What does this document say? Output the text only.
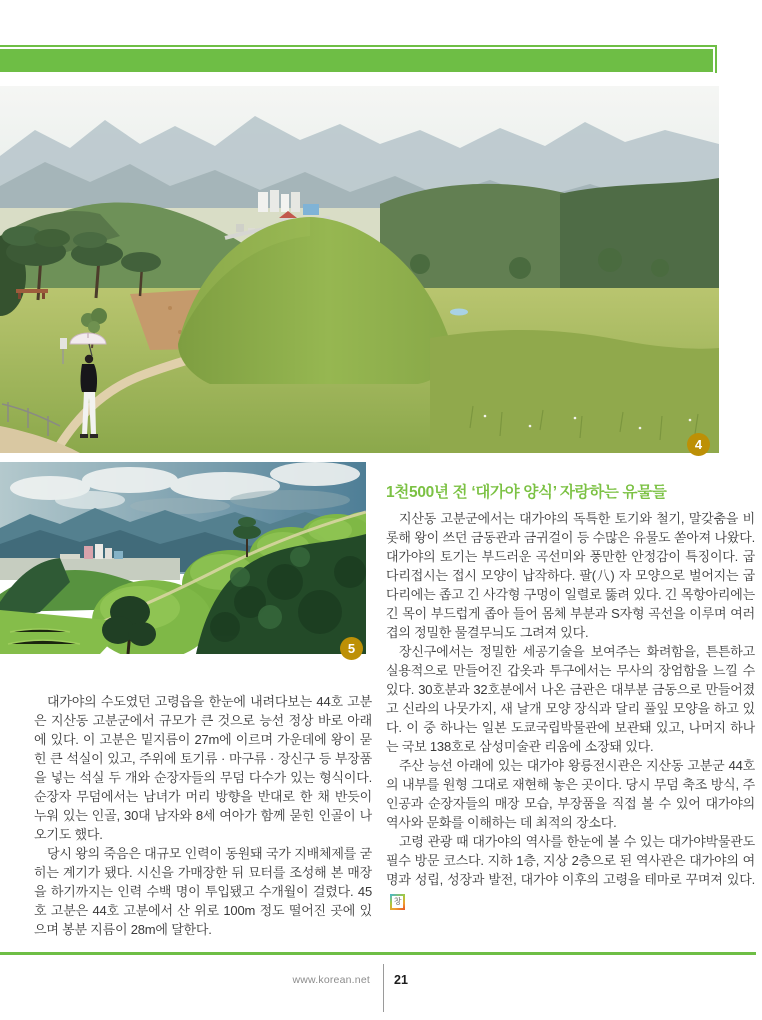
4
5

대가야의 수도였던 고령읍을 한눈에 내려다보는 44호 고분은 지산동 고분군에서 규모가 큰 것으로 능선 정상 바로 아래에 있다. 이 고분은 밑지름이 27m에 이르며 가운데에 왕이 묻힌 큰 석실이 있고, 주위에 토기류 · 마구류 · 장신구 등 부장품을 넣는 석실 두 개와 순장자들의 무덤 다수가 있는 형식이다. 순장자 무덤에서는 남녀가 머리 방향을 반대로 한 채 반듯이 누워 있는 인골, 30대 남자와 8세 여아가 함께 묻힌 인골이 나오기도 했다.

당시 왕의 죽음은 대규모 인력이 동원돼 국가 지배체제를 굳히는 계기가 됐다. 시신을 가매장한 뒤 묘터를 조성해 본 매장을 하기까지는 인력 수백 명이 투입됐고 수개월이 걸렸다. 45호 고분은 44호 고분에서 산 위로 100m 정도 떨어진 곳에 있으며 봉분 지름이 28m에 달한다.

1천500년 전 ‘대가야 양식’ 자랑하는 유물들

지산동 고분군에서는 대가야의 독특한 토기와 철기, 말갖춤을 비롯해 왕이 쓰던 금동관과 금귀걸이 등 수많은 유물도 쏟아져 나왔다. 대가야의 토기는 부드러운 곡선미와 풍만한 안정감이 특징이다. 굽다리접시는 접시 모양이 납작하다. 팔(八) 자 모양으로 벌어지는 굽다리에는 좁고 긴 사각형 구멍이 일렬로 뚫려 있다. 긴 목항아리에는 긴 목이 부드럽게 좁아 들어 몸체 부분과 S자형 곡선을 이루며 여러 겹의 정밀한 물결무늬도 그려져 있다.

장신구에서는 정밀한 세공기술을 보여주는 화려함을, 튼튼하고 실용적으로 만들어진 갑옷과 투구에서는 무사의 장엄함을 느낄 수 있다. 30호분과 32호분에서 나온 금관은 대부분 금동으로 만들어졌고 신라의 나뭇가지, 새 날개 모양 장식과 달리 풀잎 모양을 하고 있다. 이 중 하나는 일본 도쿄국립박물관에 보관돼 있고, 나머지 하나는 국보 138호로 삼성미술관 리움에 소장돼 있다.

주산 능선 아래에 있는 대가야 왕릉전시관은 지산동 고분군 44호의 내부를 원형 그대로 재현해 놓은 곳이다. 당시 무덤 축조 방식, 주인공과 순장자들의 매장 모습, 부장품을 직접 볼 수 있어 대가야의 역사와 문화를 이해하는 데 최적의 장소다.

고령 관광 때 대가야의 역사를 한눈에 볼 수 있는 대가야박물관도 필수 방문 코스다. 지하 1층, 지상 2층으로 된 역사관은 대가야의 여명과 성립, 성장과 발전, 대가야 이후의 고령을 테마로 꾸며져 있다.창

www.korean.net 21
